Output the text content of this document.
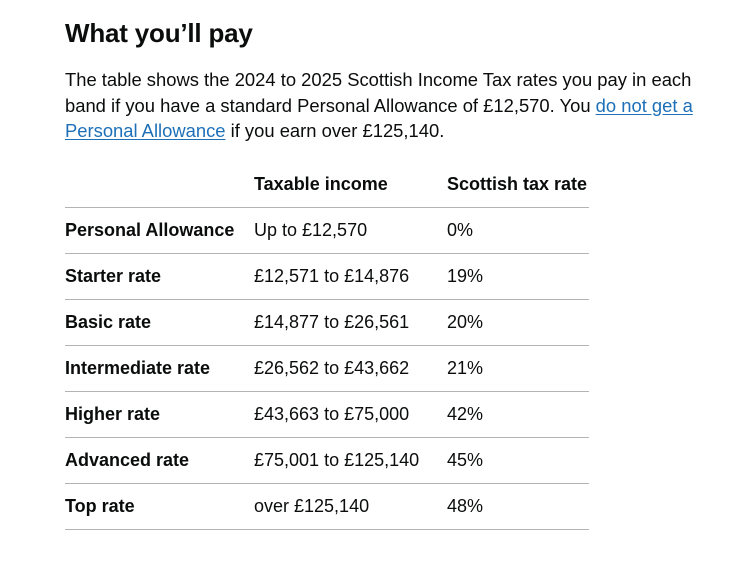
What you’ll pay

The table shows the 2024 to 2025 Scottish Income Tax rates you pay in each band if you have a standard Personal Allowance of £12,570. You do not get a Personal Allowance if you earn over £125,140.

	Taxable income	Scottish tax rate
Personal Allowance	Up to £12,570	0%
Starter rate	£12,571 to £14,876	19%
Basic rate	£14,877 to £26,561	20%
Intermediate rate	£26,562 to £43,662	21%
Higher rate	£43,663 to £75,000	42%
Advanced rate	£75,001 to £125,140	45%
Top rate	over £125,140	48%
